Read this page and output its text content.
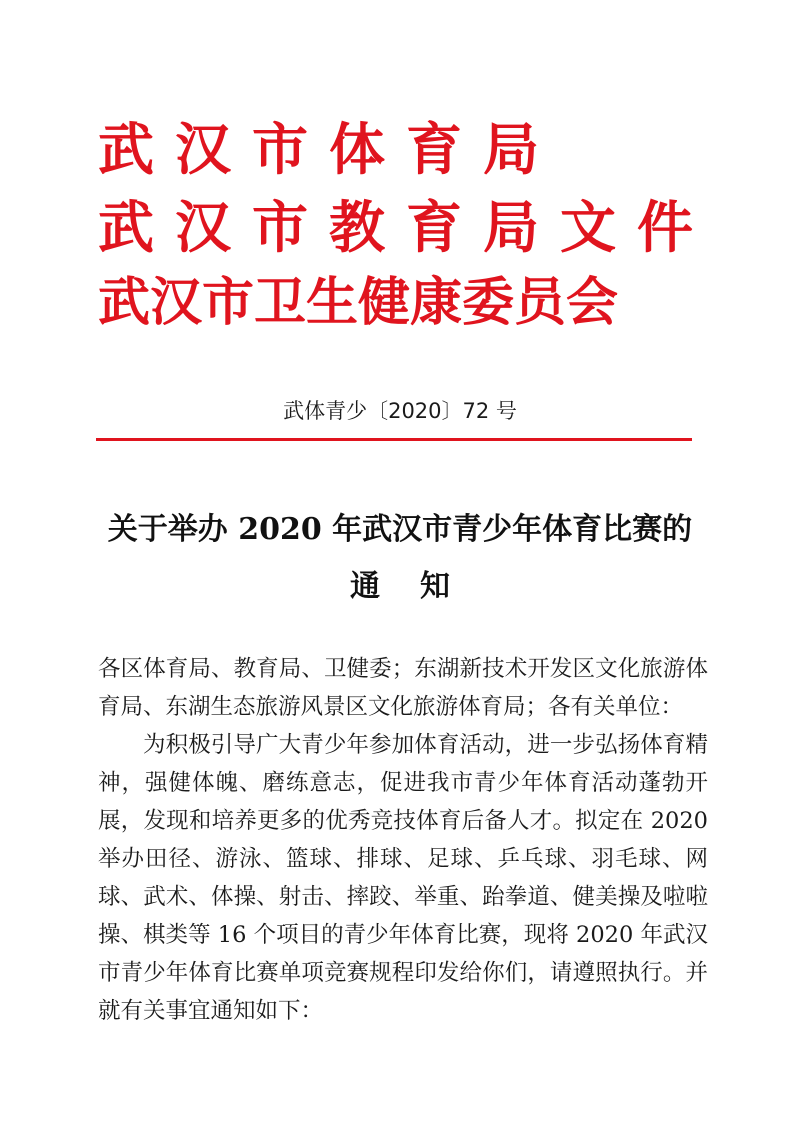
武汉市体育局
武汉市教育局文件
武汉市卫生健康委员会
武体青少〔2020〕72 号
关于举办 2020 年武汉市青少年体育比赛的
通知

各区体育局、教育局、卫健委；东湖新技术开发区文化旅游体育局、东湖生态旅游风景区文化旅游体育局；各有关单位：

为积极引导广大青少年参加体育活动，进一步弘扬体育精神，强健体魄、磨练意志，促进我市青少年体育活动蓬勃开展，发现和培养更多的优秀竞技体育后备人才。拟定在 2020 举办田径、游泳、篮球、排球、足球、乒乓球、羽毛球、网球、武术、体操、射击、摔跤、举重、跆拳道、健美操及啦啦操、棋类等 16 个项目的青少年体育比赛，现将 2020 年武汉市青少年体育比赛单项竞赛规程印发给你们，请遵照执行。并就有关事宜通知如下：
